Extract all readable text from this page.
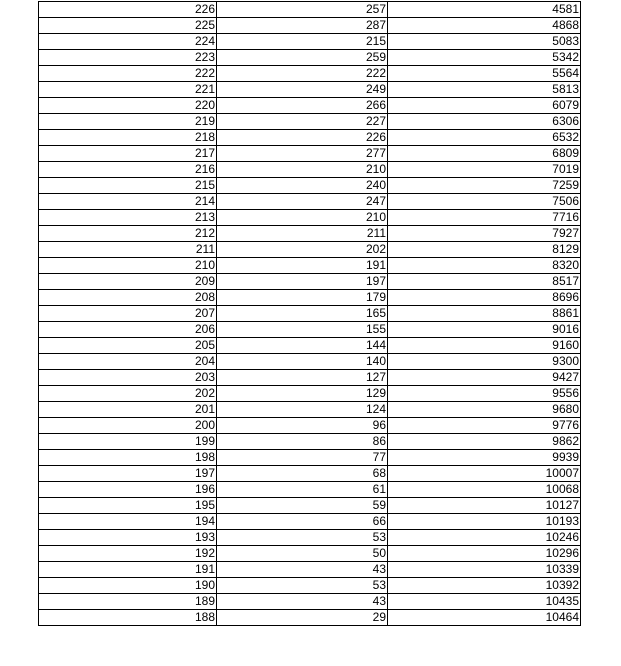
226	257	4581
225	287	4868
224	215	5083
223	259	5342
222	222	5564
221	249	5813
220	266	6079
219	227	6306
218	226	6532
217	277	6809
216	210	7019
215	240	7259
214	247	7506
213	210	7716
212	211	7927
211	202	8129
210	191	8320
209	197	8517
208	179	8696
207	165	8861
206	155	9016
205	144	9160
204	140	9300
203	127	9427
202	129	9556
201	124	9680
200	96	9776
199	86	9862
198	77	9939
197	68	10007
196	61	10068
195	59	10127
194	66	10193
193	53	10246
192	50	10296
191	43	10339
190	53	10392
189	43	10435
188	29	10464
